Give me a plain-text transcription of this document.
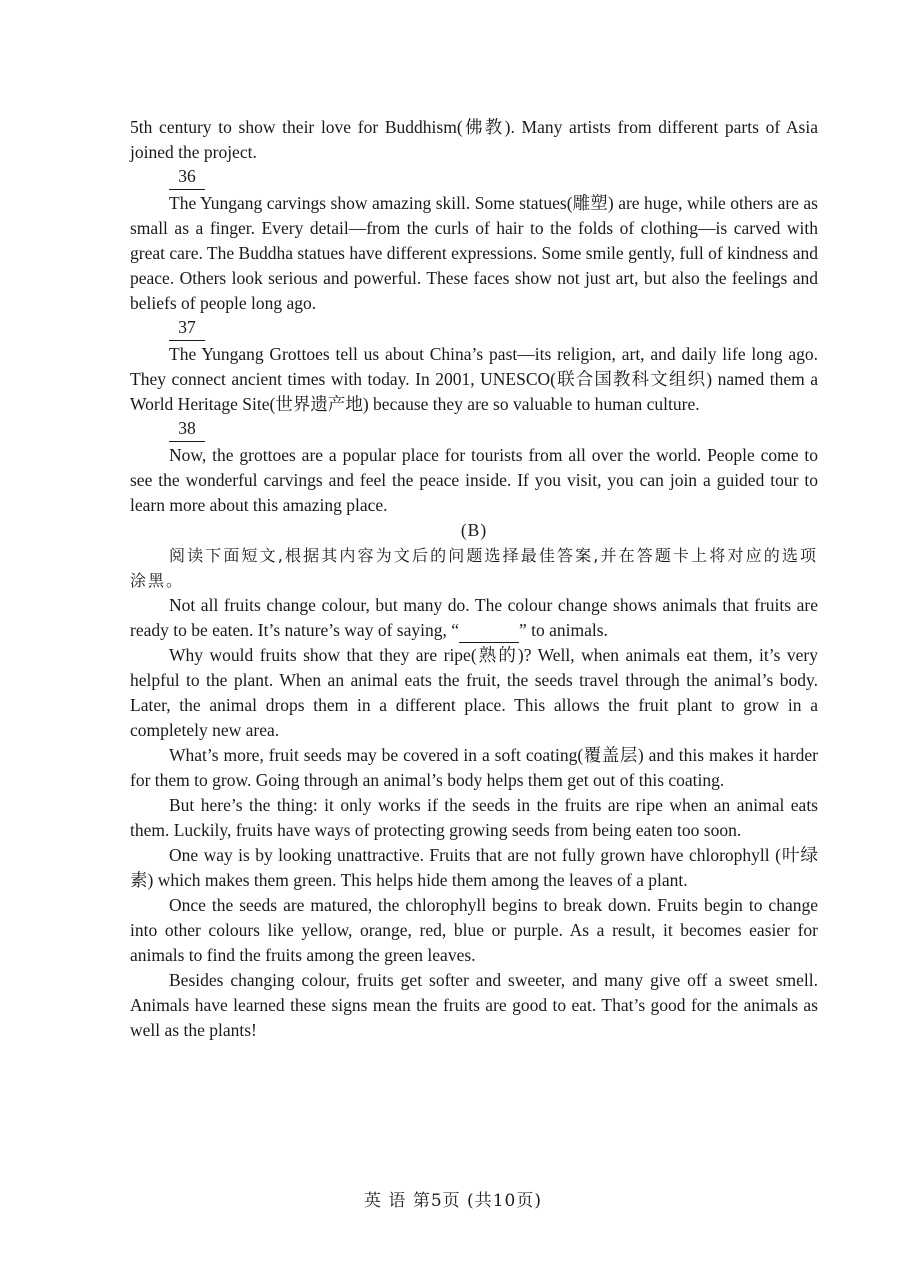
5th century to show their love for Buddhism(佛教). Many artists from different parts of Asia joined the project.

36

The Yungang carvings show amazing skill. Some statues(雕塑) are huge, while others are as small as a finger. Every detail—from the curls of hair to the folds of clothing—is carved with great care. The Buddha statues have different expressions. Some smile gently, full of kindness and peace. Others look serious and powerful. These faces show not just art, but also the feelings and beliefs of people long ago.

37

The Yungang Grottoes tell us about China’s past—its religion, art, and daily life long ago. They connect ancient times with today. In 2001, UNESCO(联合国教科文组织) named them a World Heritage Site(世界遗产地) because they are so valuable to human culture.

38

Now, the grottoes are a popular place for tourists from all over the world. People come to see the wonderful carvings and feel the peace inside. If you visit, you can join a guided tour to learn more about this amazing place.

(B)

阅读下面短文,根据其内容为文后的问题选择最佳答案,并在答题卡上将对应的选项涂黑。

Not all fruits change colour, but many do. The colour change shows animals that fruits are ready to be eaten. It’s nature’s way of saying, “	” to animals.

Why would fruits show that they are ripe(熟的)? Well, when animals eat them, it’s very helpful to the plant. When an animal eats the fruit, the seeds travel through the animal’s body. Later, the animal drops them in a different place. This allows the fruit plant to grow in a completely new area.

What’s more, fruit seeds may be covered in a soft coating(覆盖层) and this makes it harder for them to grow. Going through an animal’s body helps them get out of this coating.

But here’s the thing: it only works if the seeds in the fruits are ripe when an animal eats them. Luckily, fruits have ways of protecting growing seeds from being eaten too soon.

One way is by looking unattractive. Fruits that are not fully grown have chlorophyll (叶绿素) which makes them green. This helps hide them among the leaves of a plant.

Once the seeds are matured, the chlorophyll begins to break down. Fruits begin to change into other colours like yellow, orange, red, blue or purple. As a result, it becomes easier for animals to find the fruits among the green leaves.

Besides changing colour, fruits get softer and sweeter, and many give off a sweet smell. Animals have learned these signs mean the fruits are good to eat. That’s good for the animals as well as the plants!

英 语 第5页 (共10页)
